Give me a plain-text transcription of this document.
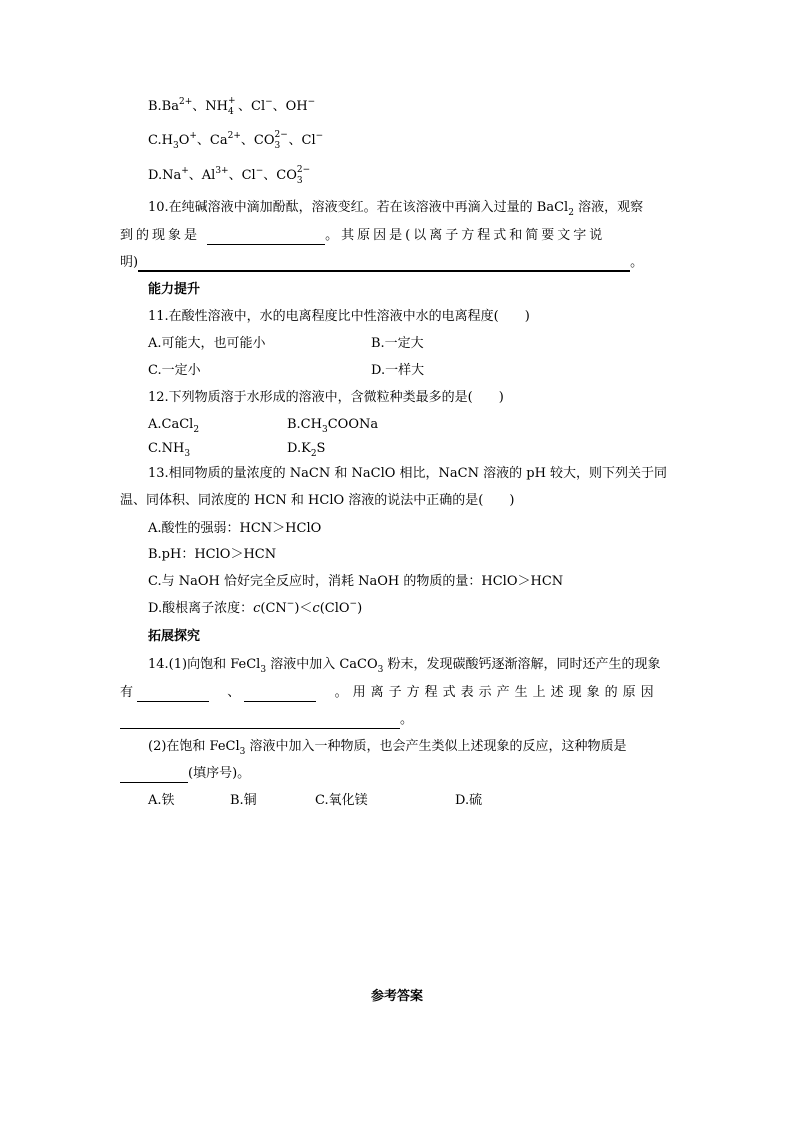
$B.Ba^{2+}$、NH +
4 、Cl−、OH−
$C.H_3O^+$、$Ca^{2+}$、CO 2−
3 、Cl−
D.Na+、$Al^{3+}$、Cl−、CO 2−
3
10.在纯碱溶液中滴加酚酞，溶液变红。若在该溶液中再滴入过量的 BaCl$_2$ 溶液，观察
到的现象是	。其原因是(以离子方程式和简要文字说
明)	。
能力提升
11.在酸性溶液中，水的电离程度比中性溶液中水的电离程度(　　)
A.可能大，也可能小	B.一定大
C.一定小	D.一样大
12.下列物质溶于水形成的溶液中，含微粒种类最多的是(　　)
A.CaCl$_2$	$B.CH_3COONa$
$C.NH_3$	$D.K_2S$
13.相同物质的量浓度的 NaCN 和 NaClO 相比，NaCN 溶液的 pH 较大，则下列关于同
温、同体积、同浓度的 HCN 和 HClO 溶液的说法中正确的是(　　)
A.酸性的强弱：HCN＞HClO
B.pH：HClO＞HCN
C.与 NaOH 恰好完全反应时，消耗 NaOH 的物质的量：HClO＞HCN
D.酸根离子浓度：c(CN−)＜c(ClO−)
拓展探究
14.(1)向饱和 FeCl$_3$ 溶液中加入 CaCO$_3$ 粉末，发现碳酸钙逐渐溶解，同时还产生的现象
有	、	。用离子方程式表示产生上述现象的原因
。
(2)在饱和 FeCl$_3$ 溶液中加入一种物质，也会产生类似上述现象的反应，这种物质是
(填序号)。
A.铁	B.铜	C.氧化镁	D.硫
参考答案
